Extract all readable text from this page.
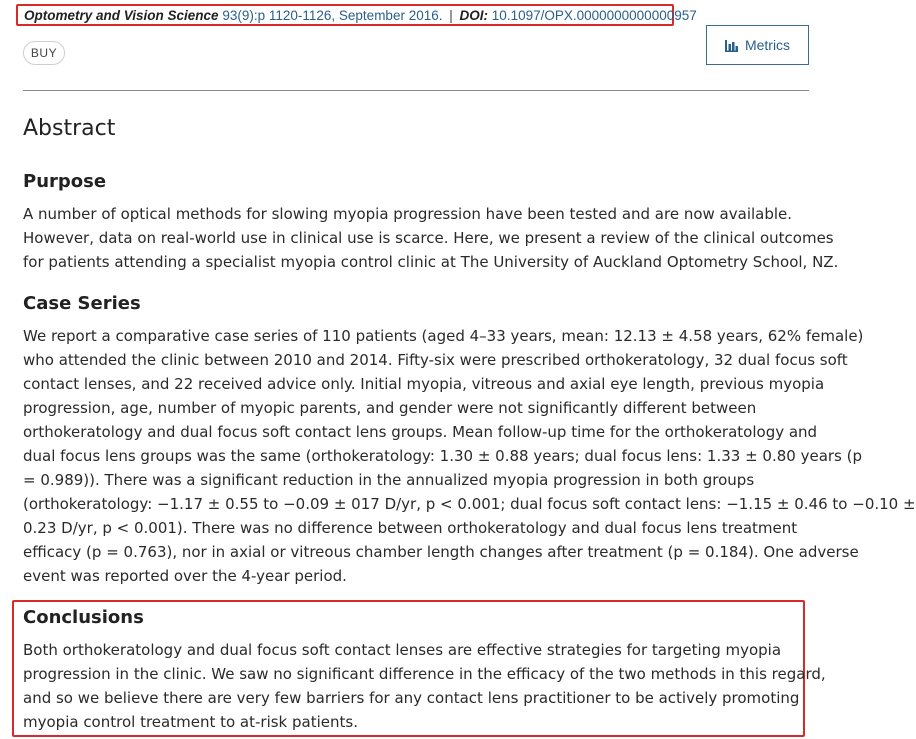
Optometry and Vision Science 93(9):p 1120-1126, September 2016. | DOI: 10.1097/OPX.0000000000000957
BUY	Metrics
Abstract
Purpose

A number of optical methods for slowing myopia progression have been tested and are now available.
However, data on real-world use in clinical use is scarce. Here, we present a review of the clinical outcomes
for patients attending a specialist myopia control clinic at The University of Auckland Optometry School, NZ.

Case Series

We report a comparative case series of 110 patients (aged 4–33 years, mean: 12.13 ± 4.58 years, 62% female)
who attended the clinic between 2010 and 2014. Fifty-six were prescribed orthokeratology, 32 dual focus soft
contact lenses, and 22 received advice only. Initial myopia, vitreous and axial eye length, previous myopia
progression, age, number of myopic parents, and gender were not significantly different between
orthokeratology and dual focus soft contact lens groups. Mean follow-up time for the orthokeratology and
dual focus lens groups was the same (orthokeratology: 1.30 ± 0.88 years; dual focus lens: 1.33 ± 0.80 years (p
= 0.989)). There was a significant reduction in the annualized myopia progression in both groups
(orthokeratology: −1.17 ± 0.55 to −0.09 ± 017 D/yr, p < 0.001; dual focus soft contact lens: −1.15 ± 0.46 to −0.10 ±
0.23 D/yr, p < 0.001). There was no difference between orthokeratology and dual focus lens treatment
efficacy (p = 0.763), nor in axial or vitreous chamber length changes after treatment (p = 0.184). One adverse
event was reported over the 4-year period.

Conclusions

Both orthokeratology and dual focus soft contact lenses are effective strategies for targeting myopia
progression in the clinic. We saw no significant difference in the efficacy of the two methods in this regard,
and so we believe there are very few barriers for any contact lens practitioner to be actively promoting
myopia control treatment to at-risk patients.
